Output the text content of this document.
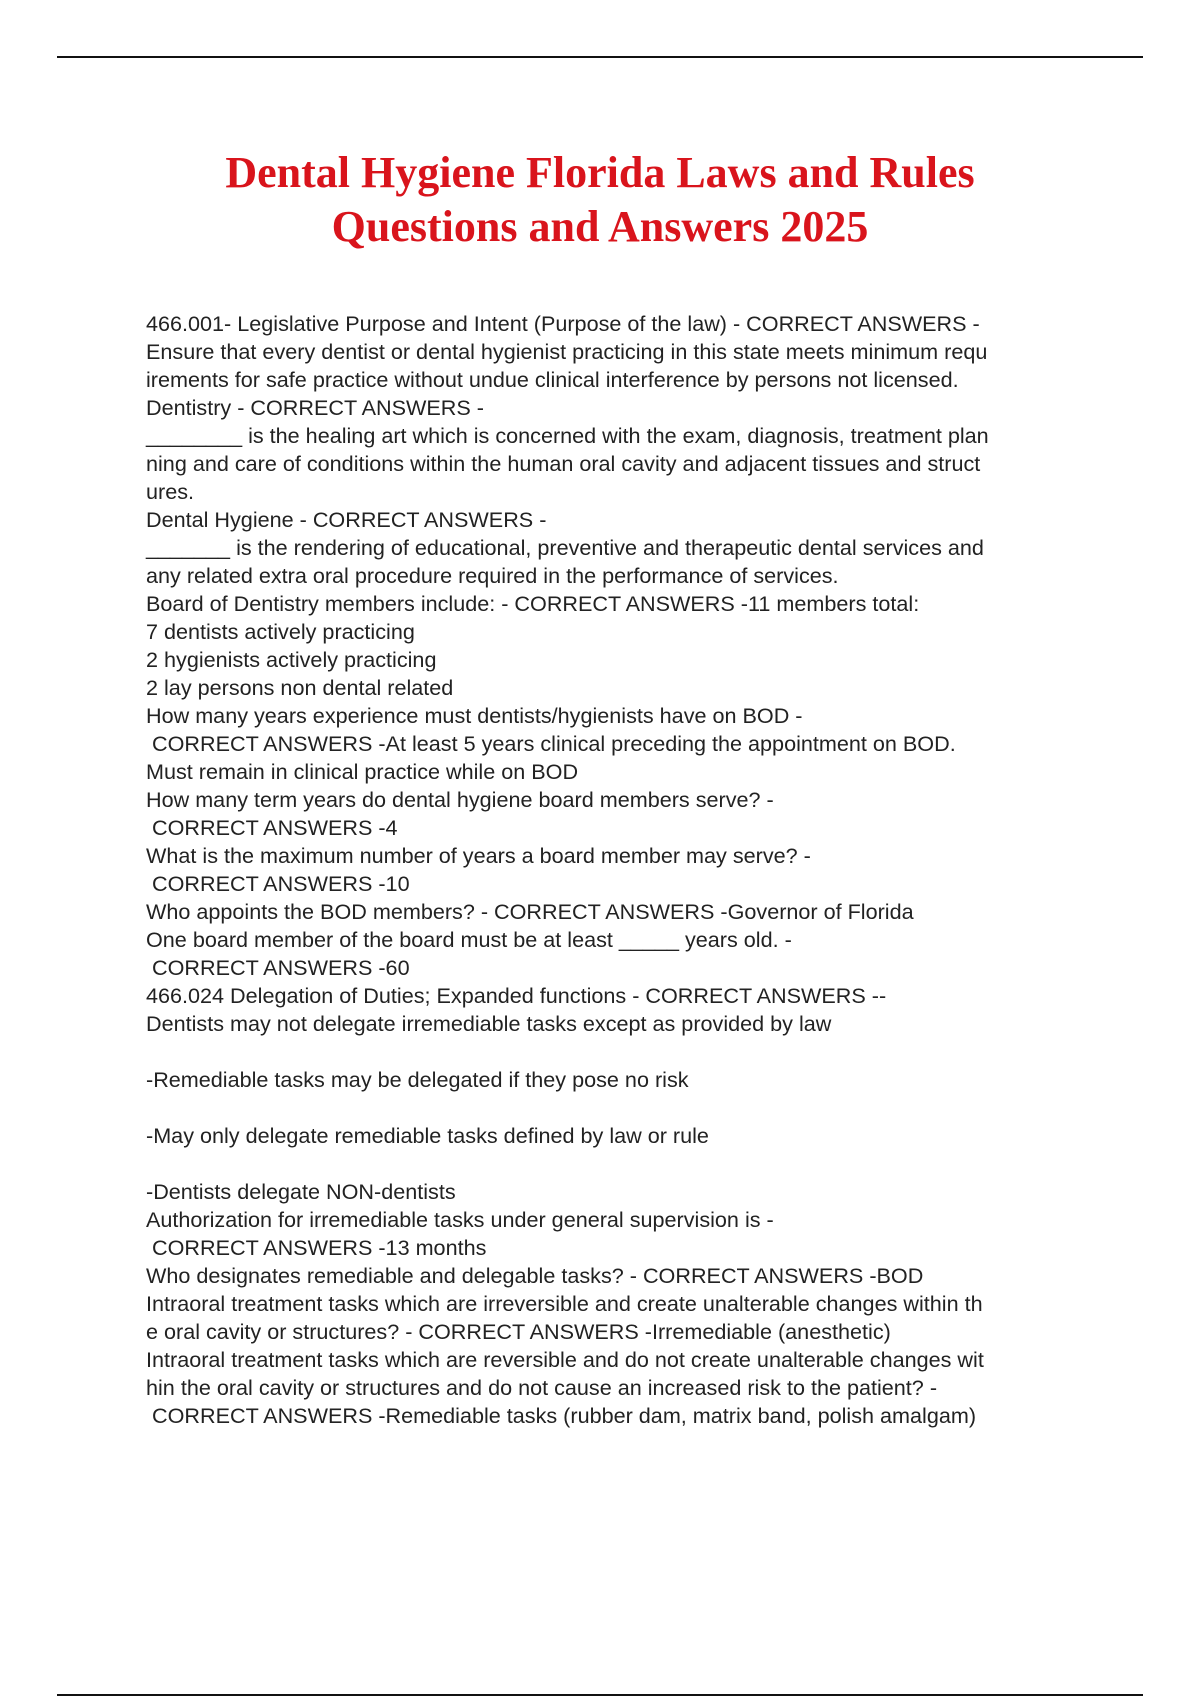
Dental Hygiene Florida Laws and Rules
Questions and Answers 2025
466.001- Legislative Purpose and Intent (Purpose of the law) - CORRECT ANSWERS -
Ensure that every dentist or dental hygienist practicing in this state meets minimum requ
irements for safe practice without undue clinical interference by persons not licensed.
Dentistry - CORRECT ANSWERS -
________ is the healing art which is concerned with the exam, diagnosis, treatment plan
ning and care of conditions within the human oral cavity and adjacent tissues and struct
ures.
Dental Hygiene - CORRECT ANSWERS -
_______ is the rendering of educational, preventive and therapeutic dental services and
any related extra oral procedure required in the performance of services.
Board of Dentistry members include: - CORRECT ANSWERS -11 members total:
7 dentists actively practicing
2 hygienists actively practicing
2 lay persons non dental related
How many years experience must dentists/hygienists have on BOD -
CORRECT ANSWERS -At least 5 years clinical preceding the appointment on BOD.
Must remain in clinical practice while on BOD
How many term years do dental hygiene board members serve? -
CORRECT ANSWERS -4
What is the maximum number of years a board member may serve? -
CORRECT ANSWERS -10
Who appoints the BOD members? - CORRECT ANSWERS -Governor of Florida
One board member of the board must be at least _____ years old. -
CORRECT ANSWERS -60
466.024 Delegation of Duties; Expanded functions - CORRECT ANSWERS --
Dentists may not delegate irremediable tasks except as provided by law
-Remediable tasks may be delegated if they pose no risk
-May only delegate remediable tasks defined by law or rule
-Dentists delegate NON-dentists
Authorization for irremediable tasks under general supervision is -
CORRECT ANSWERS -13 months
Who designates remediable and delegable tasks? - CORRECT ANSWERS -BOD
Intraoral treatment tasks which are irreversible and create unalterable changes within th
e oral cavity or structures? - CORRECT ANSWERS -Irremediable (anesthetic)
Intraoral treatment tasks which are reversible and do not create unalterable changes wit
hin the oral cavity or structures and do not cause an increased risk to the patient? -
CORRECT ANSWERS -Remediable tasks (rubber dam, matrix band, polish amalgam)
